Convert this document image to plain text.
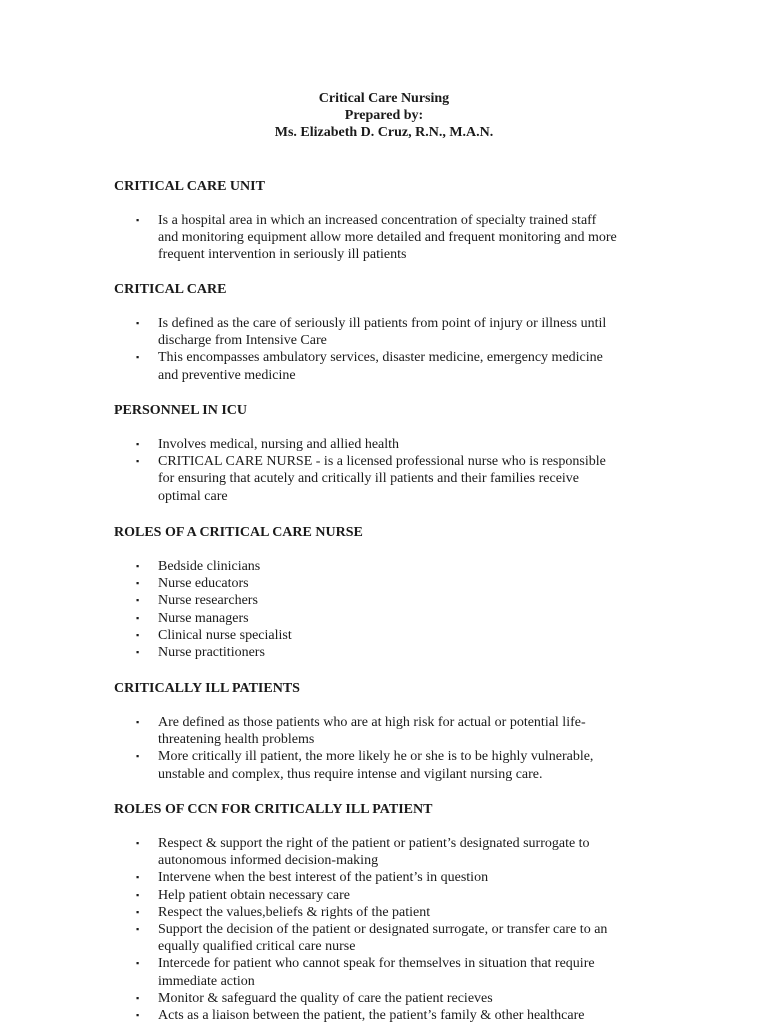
Critical Care Nursing
Prepared by:
Ms. Elizabeth D. Cruz, R.N., M.A.N.
CRITICAL CARE UNIT
▪ Is a hospital area in which an increased concentration of specialty trained staff
and monitoring equipment allow more detailed and frequent monitoring and more
frequent intervention in seriously ill patients
CRITICAL CARE
▪ Is defined as the care of seriously ill patients from point of injury or illness until
discharge from Intensive Care
▪ This encompasses ambulatory services, disaster medicine, emergency medicine
and preventive medicine
PERSONNEL IN ICU
▪ Involves medical, nursing and allied health
▪ CRITICAL CARE NURSE - is a licensed professional nurse who is responsible
for ensuring that acutely and critically ill patients and their families receive
optimal care
ROLES OF A CRITICAL CARE NURSE
▪ Bedside clinicians
▪ Nurse educators
▪ Nurse researchers
▪ Nurse managers
▪ Clinical nurse specialist
▪ Nurse practitioners
CRITICALLY ILL PATIENTS
▪ Are defined as those patients who are at high risk for actual or potential life-
threatening health problems
▪ More critically ill patient, the more likely he or she is to be highly vulnerable,
unstable and complex, thus require intense and vigilant nursing care.
ROLES OF CCN FOR CRITICALLY ILL PATIENT
▪ Respect & support the right of the patient or patient’s designated surrogate to
autonomous informed decision-making
▪ Intervene when the best interest of the patient’s in question
▪ Help patient obtain necessary care
▪ Respect the values,beliefs & rights of the patient
▪ Support the decision of the patient or designated surrogate, or transfer care to an
equally qualified critical care nurse
▪ Intercede for patient who cannot speak for themselves in situation that require
immediate action
▪ Monitor & safeguard the quality of care the patient recieves
▪ Acts as a liaison between the patient, the patient’s family & other healthcare
